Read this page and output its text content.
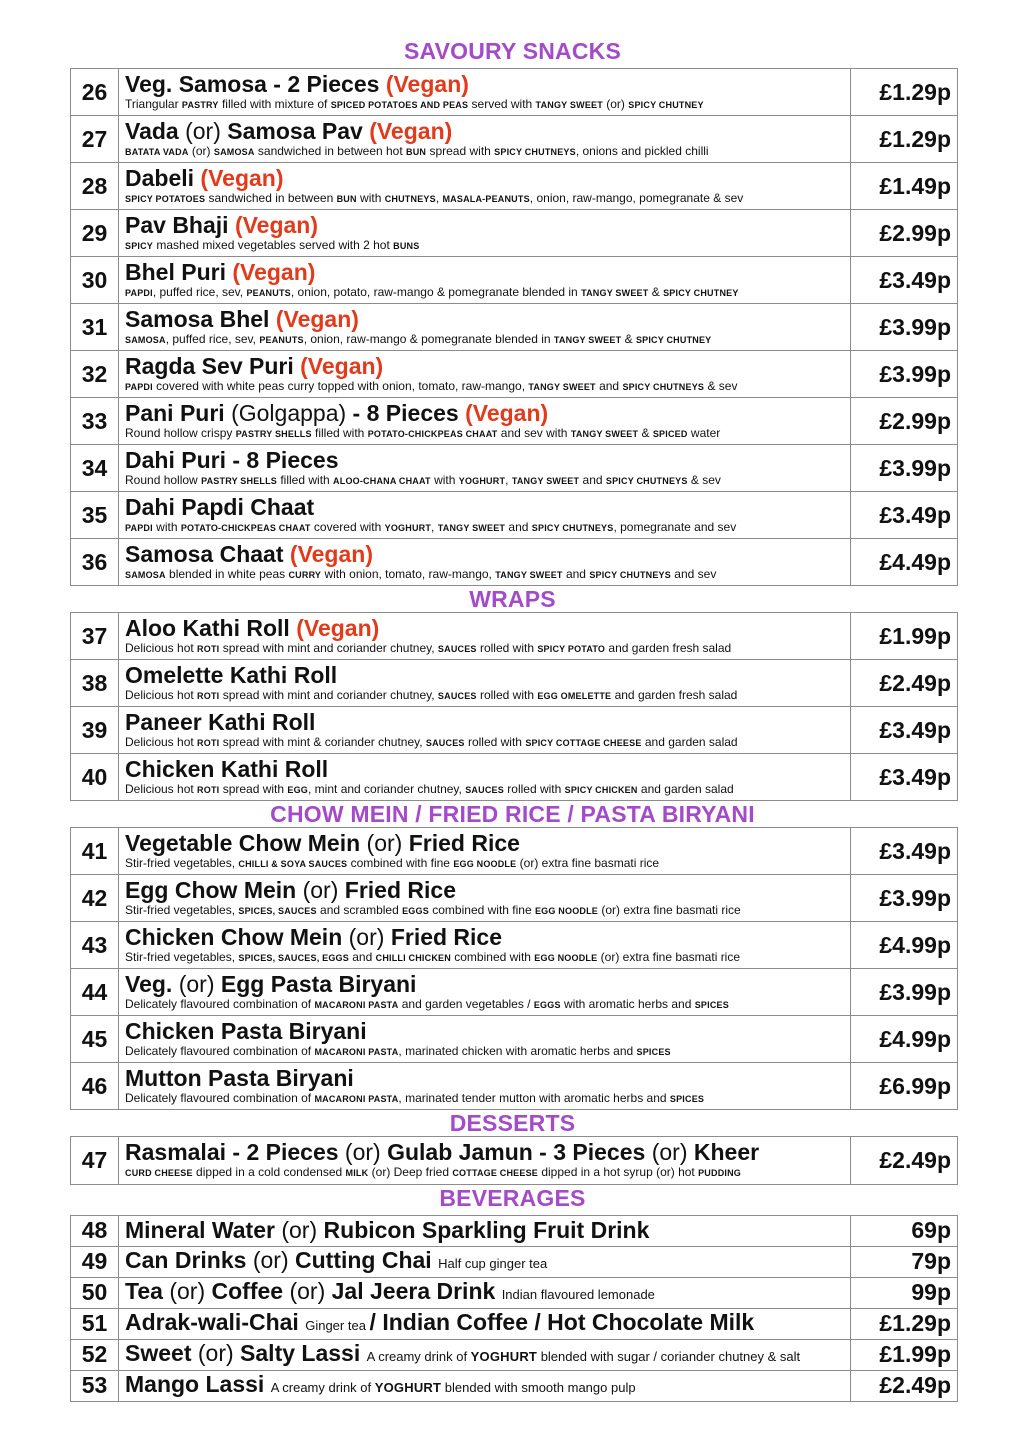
SAVOURY SNACKS
26	Veg. Samosa - 2 Pieces (Vegan)
Triangular PASTRY filled with mixture of SPICED POTATOES AND PEAS served with TANGY SWEET (or) SPICY CHUTNEY	£1.29p
27	Vada (or) Samosa Pav (Vegan)
BATATA VADA (or) SAMOSA sandwiched in between hot BUN spread with SPICY CHUTNEYS, onions and pickled chilli	£1.29p
28	Dabeli (Vegan)
SPICY POTATOES sandwiched in between BUN with CHUTNEYS, MASALA-PEANUTS, onion, raw-mango, pomegranate & sev	£1.49p
29	Pav Bhaji (Vegan)
SPICY mashed mixed vegetables served with 2 hot BUNS	£2.99p
30	Bhel Puri (Vegan)
PAPDI, puffed rice, sev, PEANUTS, onion, potato, raw-mango & pomegranate blended in TANGY SWEET & SPICY CHUTNEY	£3.49p
31	Samosa Bhel (Vegan)
SAMOSA, puffed rice, sev, PEANUTS, onion, raw-mango & pomegranate blended in TANGY SWEET & SPICY CHUTNEY	£3.99p
32	Ragda Sev Puri (Vegan)
PAPDI covered with white peas curry topped with onion, tomato, raw-mango, TANGY SWEET and SPICY CHUTNEYS & sev	£3.99p
33	Pani Puri (Golgappa) - 8 Pieces (Vegan)
Round hollow crispy PASTRY SHELLS filled with POTATO-CHICKPEAS CHAAT and sev with TANGY SWEET & SPICED water	£2.99p
34	Dahi Puri - 8 Pieces
Round hollow PASTRY SHELLS filled with ALOO-CHANA CHAAT with YOGHURT, TANGY SWEET and SPICY CHUTNEYS & sev	£3.99p
35	Dahi Papdi Chaat
PAPDI with POTATO-CHICKPEAS CHAAT covered with YOGHURT, TANGY SWEET and SPICY CHUTNEYS, pomegranate and sev	£3.49p
36	Samosa Chaat (Vegan)
SAMOSA blended in white peas CURRY with onion, tomato, raw-mango, TANGY SWEET and SPICY CHUTNEYS and sev	£4.49p
WRAPS
37	Aloo Kathi Roll (Vegan)
Delicious hot ROTI spread with mint and coriander chutney, SAUCES rolled with SPICY POTATO and garden fresh salad	£1.99p
38	Omelette Kathi Roll
Delicious hot ROTI spread with mint and coriander chutney, SAUCES rolled with EGG OMELETTE and garden fresh salad	£2.49p
39	Paneer Kathi Roll
Delicious hot ROTI spread with mint & coriander chutney, SAUCES rolled with SPICY COTTAGE CHEESE and garden salad	£3.49p
40	Chicken Kathi Roll
Delicious hot ROTI spread with EGG, mint and coriander chutney, SAUCES rolled with SPICY CHICKEN and garden salad	£3.49p
CHOW MEIN / FRIED RICE / PASTA BIRYANI
41	Vegetable Chow Mein (or) Fried Rice
Stir-fried vegetables, CHILLI & SOYA SAUCES combined with fine EGG NOODLE (or) extra fine basmati rice	£3.49p
42	Egg Chow Mein (or) Fried Rice
Stir-fried vegetables, SPICES, SAUCES and scrambled EGGS combined with fine EGG NOODLE (or) extra fine basmati rice	£3.99p
43	Chicken Chow Mein (or) Fried Rice
Stir-fried vegetables, SPICES, SAUCES, EGGS and CHILLI CHICKEN combined with EGG NOODLE (or) extra fine basmati rice	£4.99p
44	Veg. (or) Egg Pasta Biryani
Delicately flavoured combination of MACARONI PASTA and garden vegetables / EGGS with aromatic herbs and SPICES	£3.99p
45	Chicken Pasta Biryani
Delicately flavoured combination of MACARONI PASTA, marinated chicken with aromatic herbs and SPICES	£4.99p
46	Mutton Pasta Biryani
Delicately flavoured combination of MACARONI PASTA, marinated tender mutton with aromatic herbs and SPICES	£6.99p
DESSERTS
47	Rasmalai - 2 Pieces (or) Gulab Jamun - 3 Pieces (or) Kheer
CURD CHEESE dipped in a cold condensed MILK (or) Deep fried COTTAGE CHEESE dipped in a hot syrup (or) hot PUDDING	£2.49p
BEVERAGES
48	Mineral Water (or) Rubicon Sparkling Fruit Drink	69p
49	Can Drinks (or) Cutting Chai Half cup ginger tea	79p
50	Tea (or) Coffee (or) Jal Jeera Drink Indian flavoured lemonade	99p
51	Adrak-wali-Chai Ginger tea / Indian Coffee / Hot Chocolate Milk	£1.29p
52	Sweet (or) Salty Lassi A creamy drink of YOGHURT blended with sugar / coriander chutney & salt	£1.99p
53	Mango Lassi A creamy drink of YOGHURT blended with smooth mango pulp	£2.49p
